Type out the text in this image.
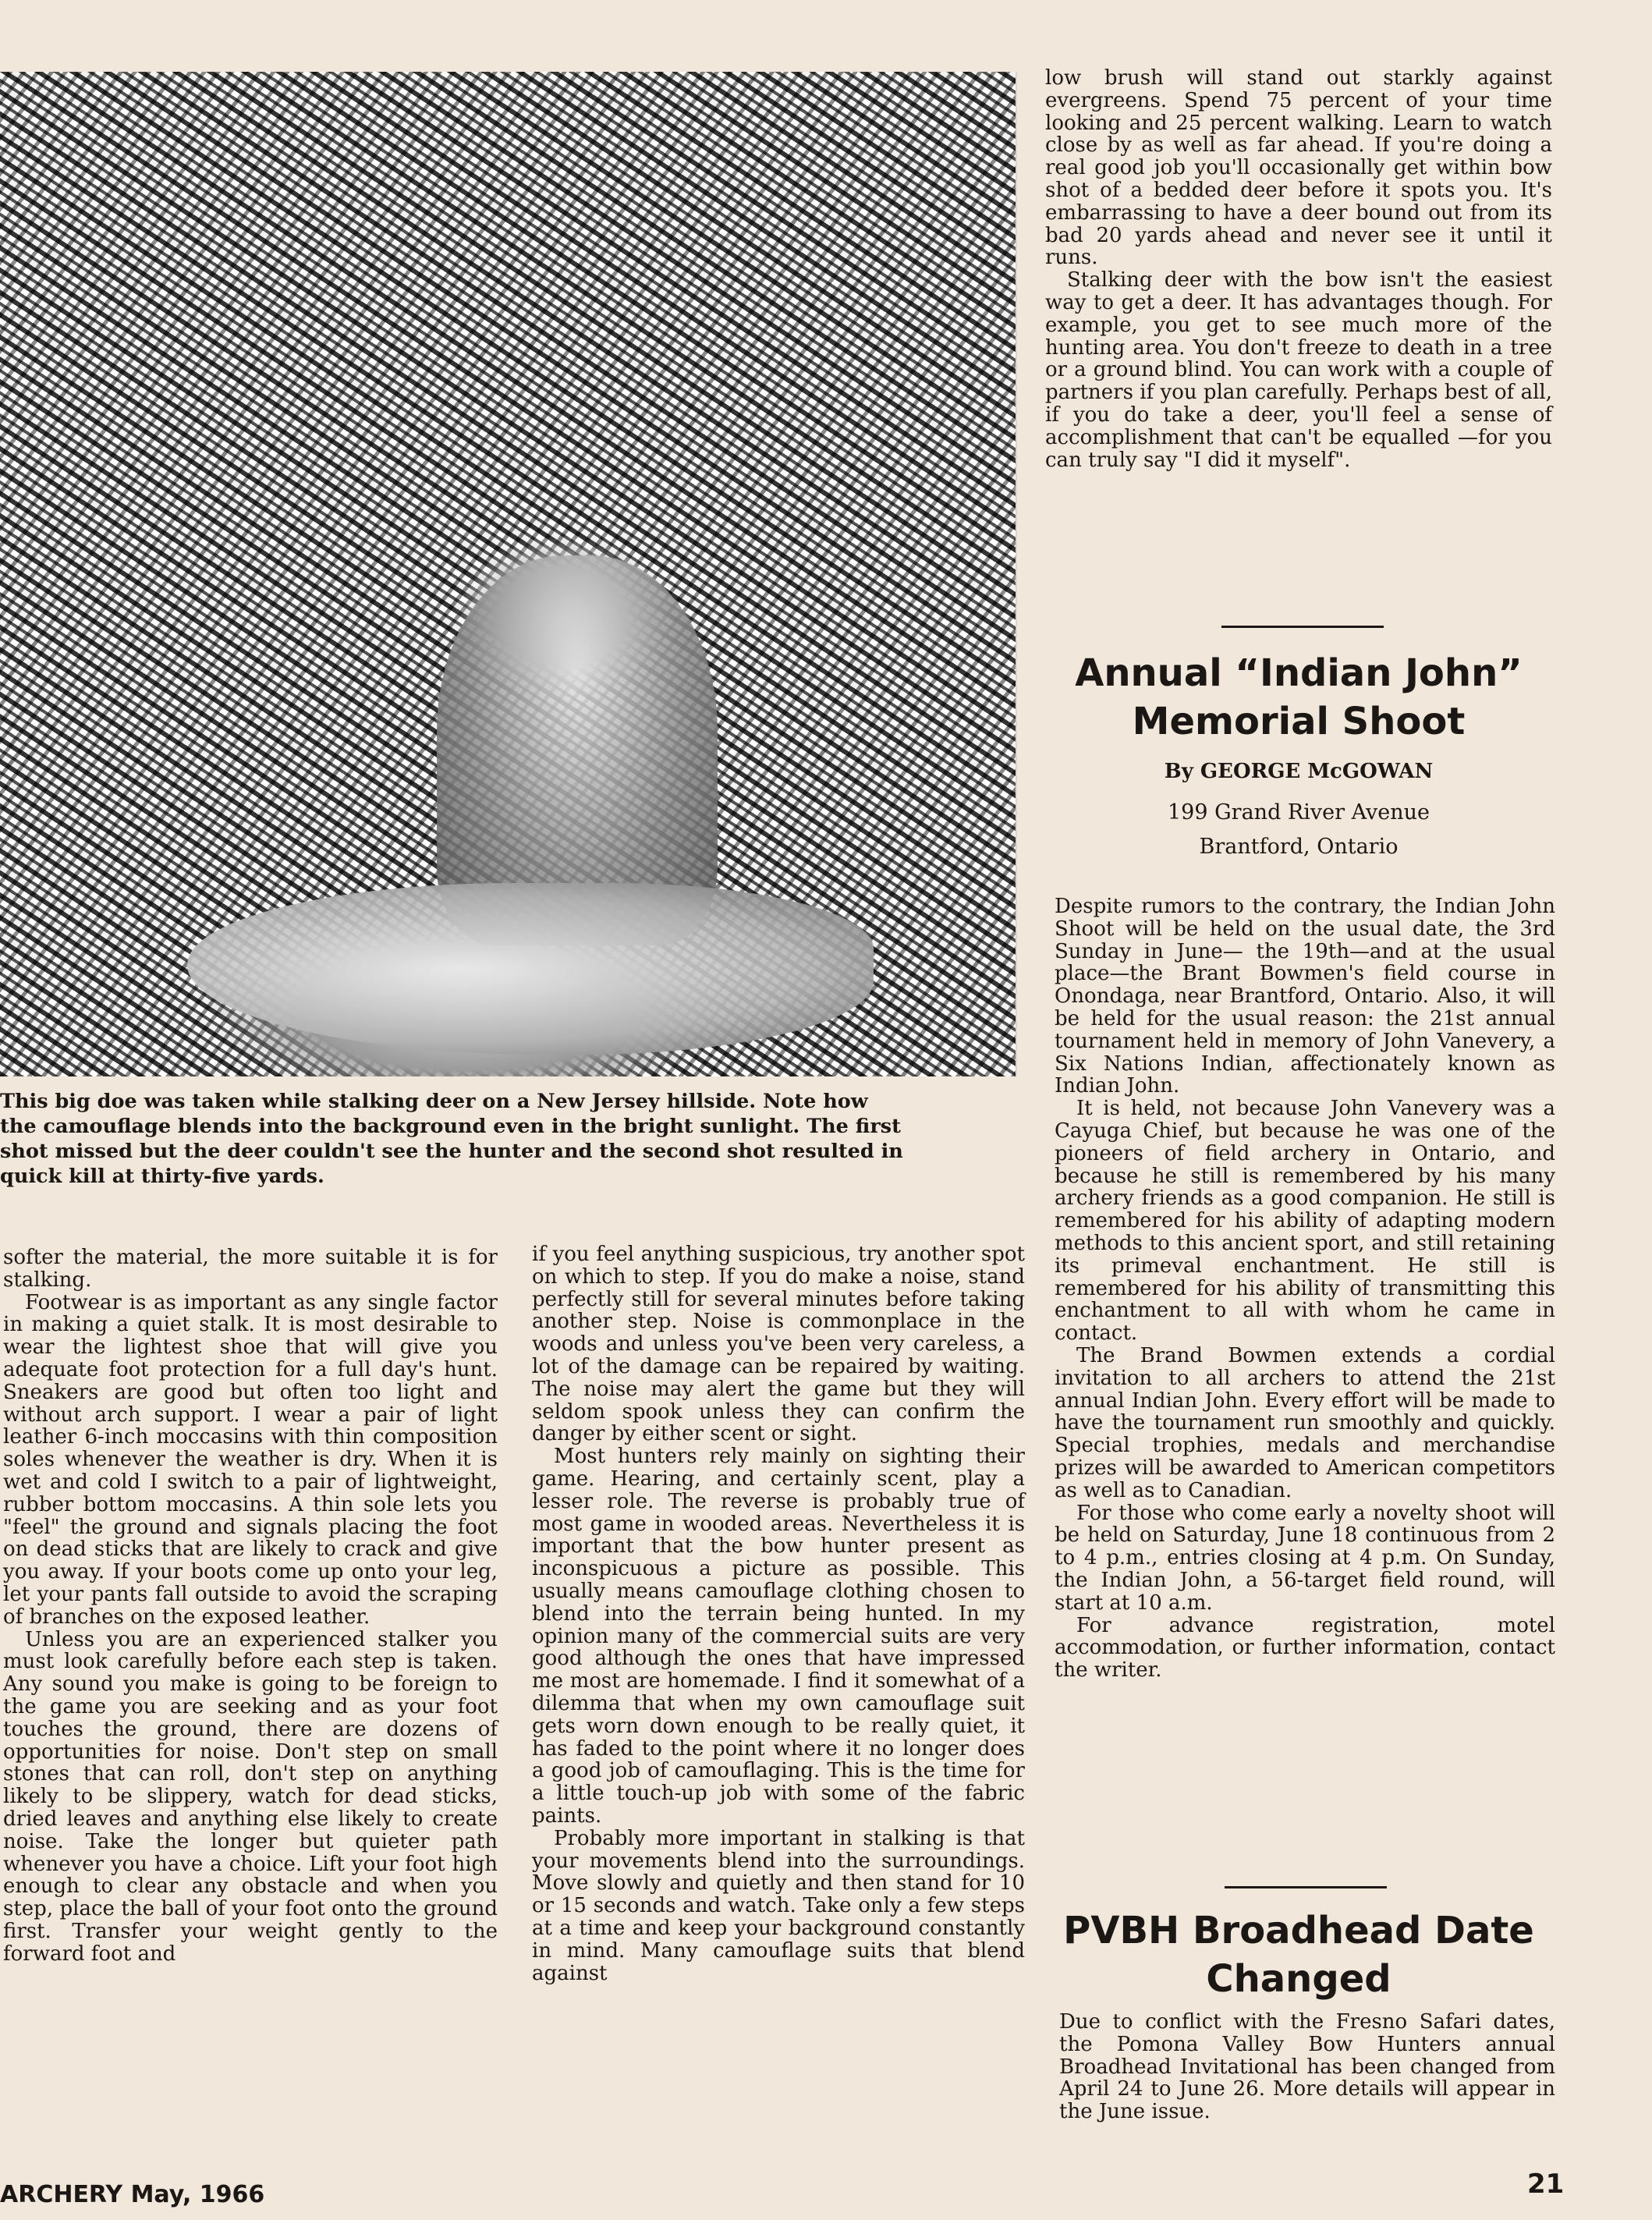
This big doe was taken while stalking deer on a New Jersey hillside. Note how

the camouflage blends into the background even in the bright sunlight. The first

shot missed but the deer couldn't see the hunter and the second shot resulted in

quick kill at thirty-five yards.

softer the material, the more suitable it is for stalking.

Footwear is as important as any single factor in making a quiet stalk. It is most desirable to wear the lightest shoe that will give you adequate foot protection for a full day's hunt. Sneakers are good but often too light and without arch support. I wear a pair of light leather 6-inch moccasins with thin composition soles whenever the weather is dry. When it is wet and cold I switch to a pair of lightweight, rubber bottom moccasins. A thin sole lets you "feel" the ground and signals placing the foot on dead sticks that are likely to crack and give you away. If your boots come up onto your leg, let your pants fall outside to avoid the scraping of branches on the exposed leather.

Unless you are an experienced stalker you must look carefully before each step is taken. Any sound you make is going to be foreign to the game you are seeking and as your foot touches the ground, there are dozens of opportunities for noise. Don't step on small stones that can roll, don't step on anything likely to be slippery, watch for dead sticks, dried leaves and anything else likely to create noise. Take the longer but quieter path whenever you have a choice. Lift your foot high enough to clear any obstacle and when you step, place the ball of your foot onto the ground first. Transfer your weight gently to the forward foot and

if you feel anything suspicious, try another spot on which to step. If you do make a noise, stand perfectly still for several minutes before taking another step. Noise is commonplace in the woods and unless you've been very careless, a lot of the damage can be repaired by waiting. The noise may alert the game but they will seldom spook unless they can confirm the danger by either scent or sight.

Most hunters rely mainly on sighting their game. Hearing, and certainly scent, play a lesser role. The reverse is probably true of most game in wooded areas. Nevertheless it is important that the bow hunter present as inconspicuous a picture as possible. This usually means camouflage clothing chosen to blend into the terrain being hunted. In my opinion many of the commercial suits are very good although the ones that have impressed me most are homemade. I find it somewhat of a dilemma that when my own camouflage suit gets worn down enough to be really quiet, it has faded to the point where it no longer does a good job of camouflaging. This is the time for a little touch-up job with some of the fabric paints.

Probably more important in stalking is that your movements blend into the surroundings. Move slowly and quietly and then stand for 10 or 15 seconds and watch. Take only a few steps at a time and keep your background constantly in mind. Many camouflage suits that blend against

low brush will stand out starkly against evergreens. Spend 75 percent of your time looking and 25 percent walking. Learn to watch close by as well as far ahead. If you're doing a real good job you'll occasionally get within bow shot of a bedded deer before it spots you. It's embarrassing to have a deer bound out from its bad 20 yards ahead and never see it until it runs.

Stalking deer with the bow isn't the easiest way to get a deer. It has advantages though. For example, you get to see much more of the hunting area. You don't freeze to death in a tree or a ground blind. You can work with a couple of partners if you plan carefully. Perhaps best of all, if you do take a deer, you'll feel a sense of accomplishment that can't be equalled —for you can truly say "I did it myself".

Annual “Indian John”
Memorial Shoot
By GEORGE McGOWAN

199 Grand River Avenue

Brantford, Ontario

Despite rumors to the contrary, the Indian John Shoot will be held on the usual date, the 3rd Sunday in June— the 19th—and at the usual place—the Brant Bowmen's field course in Onondaga, near Brantford, Ontario. Also, it will be held for the usual reason: the 21st annual tournament held in memory of John Vanevery, a Six Nations Indian, affectionately known as Indian John.

It is held, not because John Vanevery was a Cayuga Chief, but because he was one of the pioneers of field archery in Ontario, and because he still is remembered by his many archery friends as a good companion. He still is remembered for his ability of adapting modern methods to this ancient sport, and still retaining its primeval enchantment. He still is remembered for his ability of transmitting this enchantment to all with whom he came in contact.

The Brand Bowmen extends a cordial invitation to all archers to attend the 21st annual Indian John. Every effort will be made to have the tournament run smoothly and quickly. Special trophies, medals and merchandise prizes will be awarded to American competitors as well as to Canadian.

For those who come early a novelty shoot will be held on Saturday, June 18 continuous from 2 to 4 p.m., entries closing at 4 p.m. On Sunday, the Indian John, a 56-target field round, will start at 10 a.m.

For advance registration, motel accommodation, or further information, contact the writer.

PVBH Broadhead Date
Changed

Due to conflict with the Fresno Safari dates, the Pomona Valley Bow Hunters annual Broadhead Invitational has been changed from April 24 to June 26. More details will appear in the June issue.

ARCHERY May, 1966	21
